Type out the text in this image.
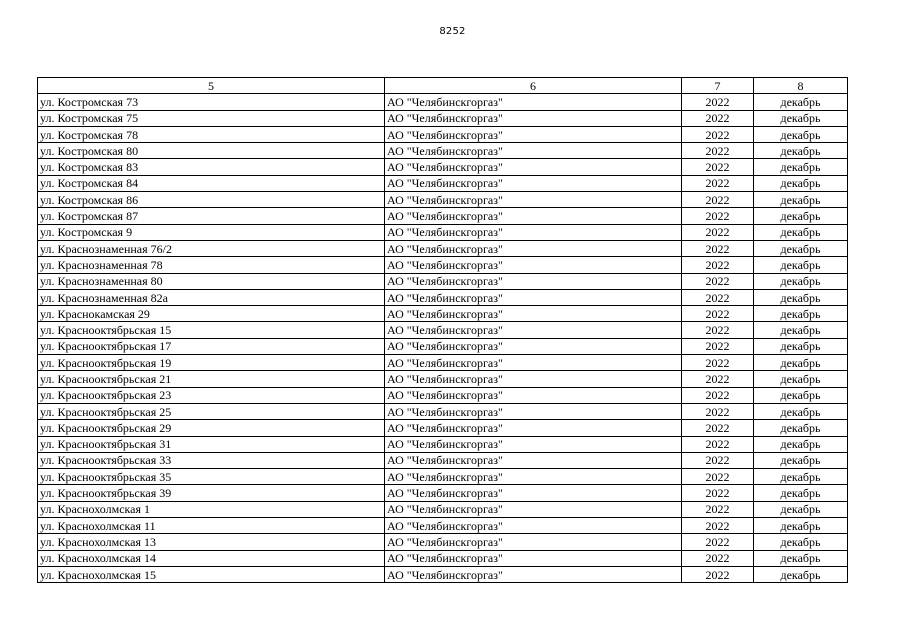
8252
5	6	7	8
ул. Костромская 73	АО "Челябинскгоргаз"	2022	декабрь
ул. Костромская 75	АО "Челябинскгоргаз"	2022	декабрь
ул. Костромская 78	АО "Челябинскгоргаз"	2022	декабрь
ул. Костромская 80	АО "Челябинскгоргаз"	2022	декабрь
ул. Костромская 83	АО "Челябинскгоргаз"	2022	декабрь
ул. Костромская 84	АО "Челябинскгоргаз"	2022	декабрь
ул. Костромская 86	АО "Челябинскгоргаз"	2022	декабрь
ул. Костромская 87	АО "Челябинскгоргаз"	2022	декабрь
ул. Костромская 9	АО "Челябинскгоргаз"	2022	декабрь
ул. Краснознаменная 76/2	АО "Челябинскгоргаз"	2022	декабрь
ул. Краснознаменная 78	АО "Челябинскгоргаз"	2022	декабрь
ул. Краснознаменная 80	АО "Челябинскгоргаз"	2022	декабрь
ул. Краснознаменная 82а	АО "Челябинскгоргаз"	2022	декабрь
ул. Краснокамская 29	АО "Челябинскгоргаз"	2022	декабрь
ул. Краснооктябрьская 15	АО "Челябинскгоргаз"	2022	декабрь
ул. Краснооктябрьская 17	АО "Челябинскгоргаз"	2022	декабрь
ул. Краснооктябрьская 19	АО "Челябинскгоргаз"	2022	декабрь
ул. Краснооктябрьская 21	АО "Челябинскгоргаз"	2022	декабрь
ул. Краснооктябрьская 23	АО "Челябинскгоргаз"	2022	декабрь
ул. Краснооктябрьская 25	АО "Челябинскгоргаз"	2022	декабрь
ул. Краснооктябрьская 29	АО "Челябинскгоргаз"	2022	декабрь
ул. Краснооктябрьская 31	АО "Челябинскгоргаз"	2022	декабрь
ул. Краснооктябрьская 33	АО "Челябинскгоргаз"	2022	декабрь
ул. Краснооктябрьская 35	АО "Челябинскгоргаз"	2022	декабрь
ул. Краснооктябрьская 39	АО "Челябинскгоргаз"	2022	декабрь
ул. Краснохолмская 1	АО "Челябинскгоргаз"	2022	декабрь
ул. Краснохолмская 11	АО "Челябинскгоргаз"	2022	декабрь
ул. Краснохолмская 13	АО "Челябинскгоргаз"	2022	декабрь
ул. Краснохолмская 14	АО "Челябинскгоргаз"	2022	декабрь
ул. Краснохолмская 15	АО "Челябинскгоргаз"	2022	декабрь
